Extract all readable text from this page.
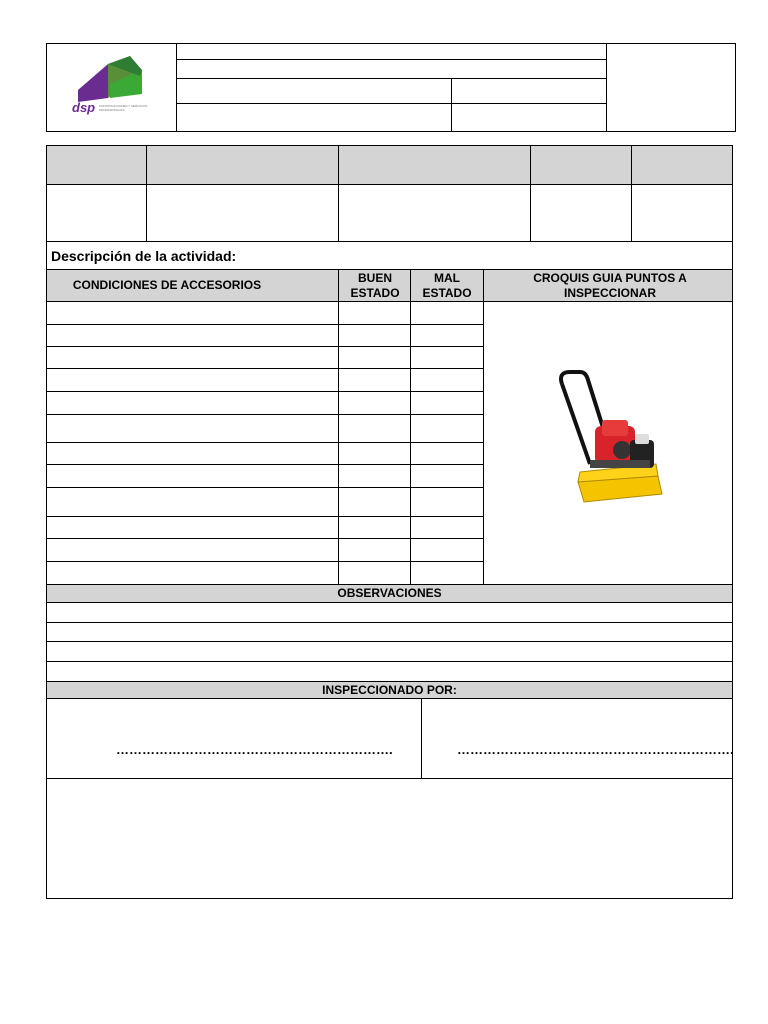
dsp CONSTRUCCIONES Y SERVICIOS PROFESIONALES
Descripción de la actividad:
CONDICIONES DE ACCESORIOS
BUEN ESTADO
MAL ESTADO
CROQUIS GUIA PUNTOS A INSPECCIONAR
OBSERVACIONES
INSPECCIONADO POR:
……………………………………………………….	……………………………………………………….
